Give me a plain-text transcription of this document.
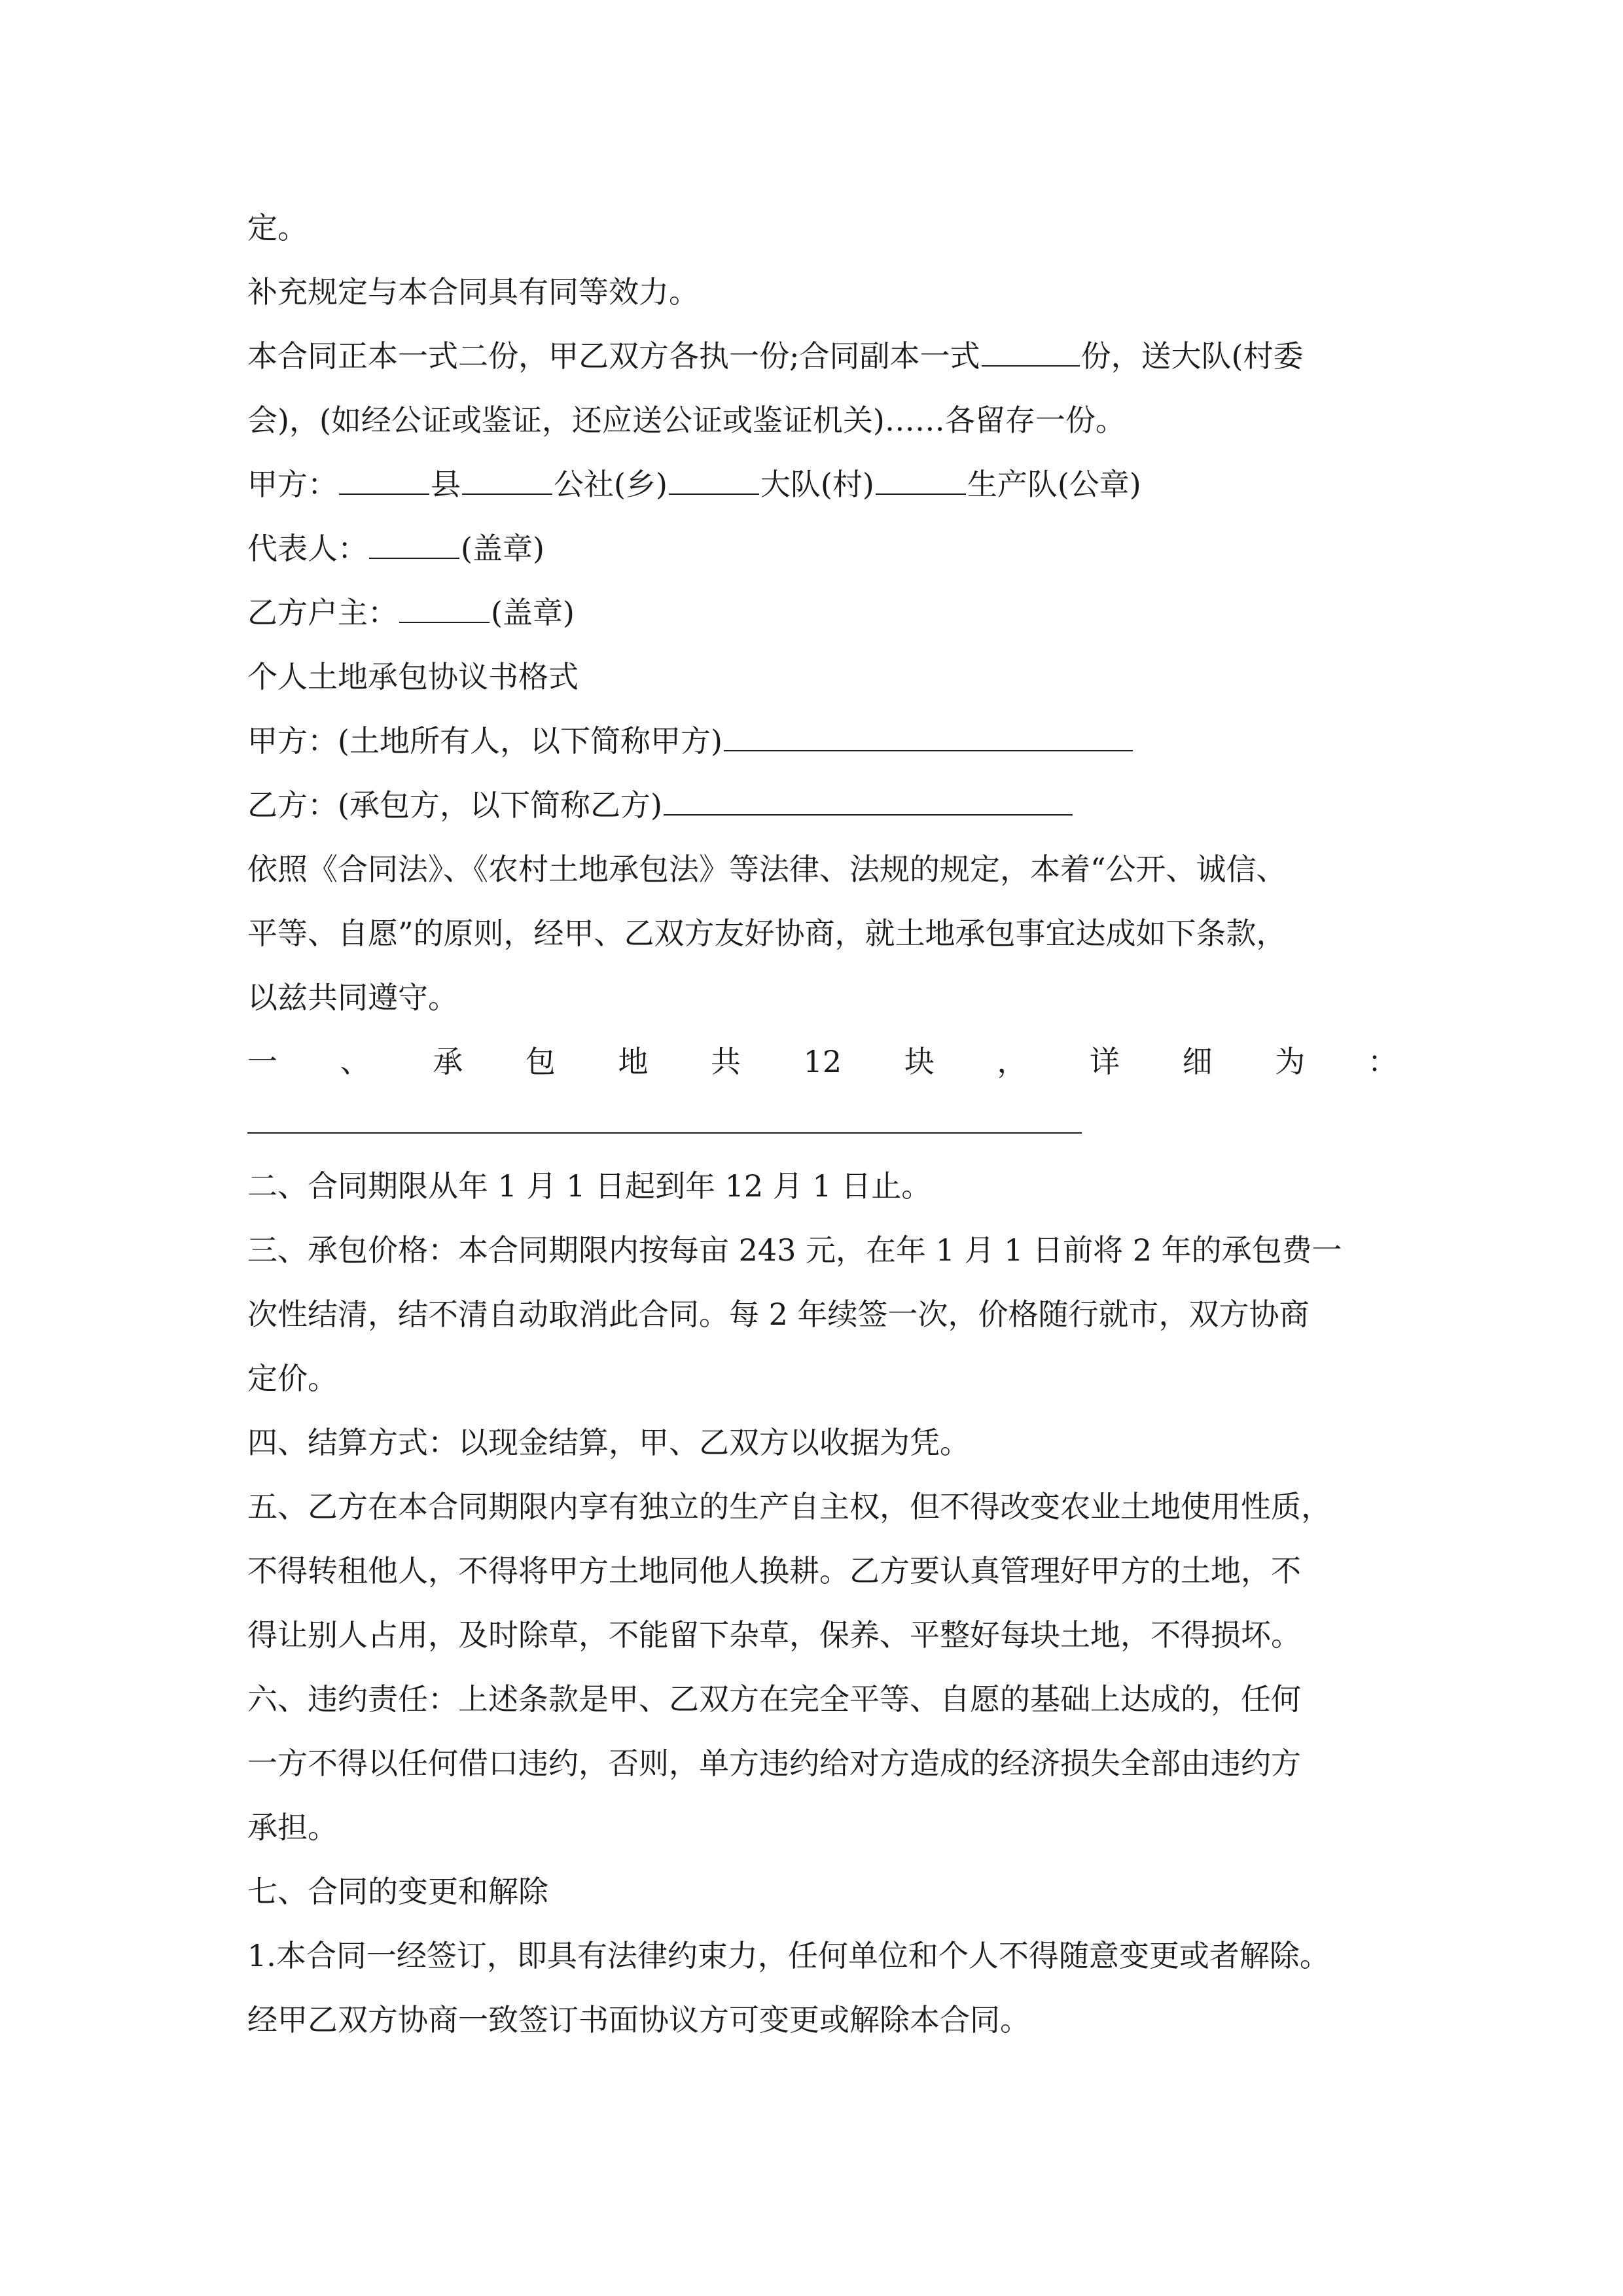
定。
补充规定与本合同具有同等效力。
本合同正本一式二份，甲乙双方各执一份;合同副本一式	份，送大队(村委
会)，(如经公证或鉴证，还应送公证或鉴证机关)……各留存一份。
甲方：	县	公社(乡)	大队(村)	生产队(公章)
代表人：	(盖章)
乙方户主：	(盖章)
个人土地承包协议书格式
甲方：(土地所有人，以下简称甲方)
乙方：(承包方，以下简称乙方)
依照《合同法》、《农村土地承包法》等法律、法规的规定，本着“公开、诚信、
平等、自愿”的原则，经甲、乙双方友好协商，就土地承包事宜达成如下条款，
以兹共同遵守。
一 、 承 包 地 共 12 块 ， 详 细 为 ：
二、合同期限从年 1 月 1 日起到年 12 月 1 日止。
三、承包价格：本合同期限内按每亩 243 元，在年 1 月 1 日前将 2 年的承包费一
次性结清，结不清自动取消此合同。每 2 年续签一次，价格随行就市，双方协商
定价。
四、结算方式：以现金结算，甲、乙双方以收据为凭。
五、乙方在本合同期限内享有独立的生产自主权，但不得改变农业土地使用性质，
不得转租他人，不得将甲方土地同他人换耕。乙方要认真管理好甲方的土地，不
得让别人占用，及时除草，不能留下杂草，保养、平整好每块土地，不得损坏。
六、违约责任：上述条款是甲、乙双方在完全平等、自愿的基础上达成的，任何
一方不得以任何借口违约，否则，单方违约给对方造成的经济损失全部由违约方
承担。
七、合同的变更和解除
1.本合同一经签订，即具有法律约束力，任何单位和个人不得随意变更或者解除。
经甲乙双方协商一致签订书面协议方可变更或解除本合同。
